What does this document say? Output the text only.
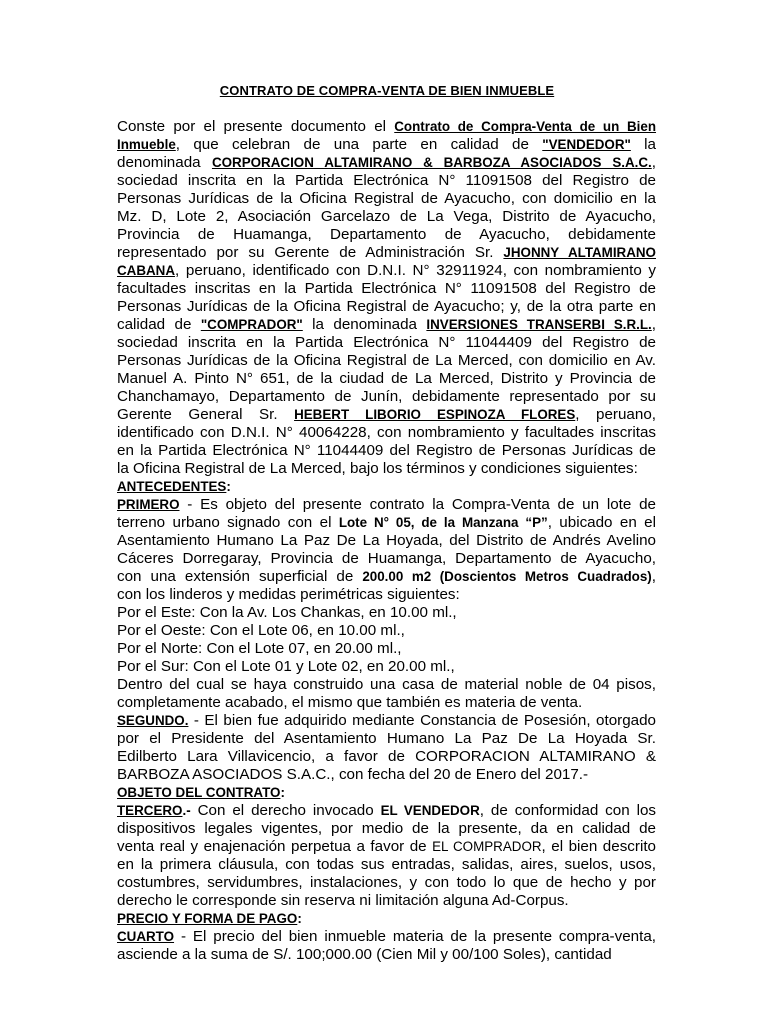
CONTRATO DE COMPRA-VENTA DE BIEN INMUEBLE
Conste por el presente documento el Contrato de Compra-Venta de un Bien
Inmueble, que celebran de una parte en calidad de "VENDEDOR" la
denominada CORPORACION ALTAMIRANO & BARBOZA ASOCIADOS S.A.C.,
sociedad inscrita en la Partida Electrónica N° 11091508 del Registro de
Personas Jurídicas de la Oficina Registral de Ayacucho, con domicilio en la
Mz. D, Lote 2, Asociación Garcelazo de La Vega, Distrito de Ayacucho,
Provincia de Huamanga, Departamento de Ayacucho, debidamente
representado por su Gerente de Administración Sr. JHONNY ALTAMIRANO
CABANA, peruano, identificado con D.N.I. N° 32911924, con nombramiento y
facultades inscritas en la Partida Electrónica N° 11091508 del Registro de
Personas Jurídicas de la Oficina Registral de Ayacucho; y, de la otra parte en
calidad de "COMPRADOR" la denominada INVERSIONES TRANSERBI S.R.L.,
sociedad inscrita en la Partida Electrónica N° 11044409 del Registro de
Personas Jurídicas de la Oficina Registral de La Merced, con domicilio en Av.
Manuel A. Pinto N° 651, de la ciudad de La Merced, Distrito y Provincia de
Chanchamayo, Departamento de Junín, debidamente representado por su
Gerente General Sr. HEBERT LIBORIO ESPINOZA FLORES, peruano,
identificado con D.N.I. N° 40064228, con nombramiento y facultades inscritas
en la Partida Electrónica N° 11044409 del Registro de Personas Jurídicas de
la Oficina Registral de La Merced, bajo los términos y condiciones siguientes:
ANTECEDENTES:
PRIMERO - Es objeto del presente contrato la Compra-Venta de un lote de
terreno urbano signado con el Lote N° 05, de la Manzana “P”, ubicado en el
Asentamiento Humano La Paz De La Hoyada, del Distrito de Andrés Avelino
Cáceres Dorregaray, Provincia de Huamanga, Departamento de Ayacucho,
con una extensión superficial de 200.00 m2 (Doscientos Metros Cuadrados),
con los linderos y medidas perimétricas siguientes:
Por el Este: Con la Av. Los Chankas, en 10.00 ml.,
Por el Oeste: Con el Lote 06, en 10.00 ml.,
Por el Norte: Con el Lote 07, en 20.00 ml.,
Por el Sur: Con el Lote 01 y Lote 02, en 20.00 ml.,
Dentro del cual se haya construido una casa de material noble de 04 pisos,
completamente acabado, el mismo que también es materia de venta.
SEGUNDO. - El bien fue adquirido mediante Constancia de Posesión, otorgado
por el Presidente del Asentamiento Humano La Paz De La Hoyada Sr.
Edilberto Lara Villavicencio, a favor de CORPORACION ALTAMIRANO &
BARBOZA ASOCIADOS S.A.C., con fecha del 20 de Enero del 2017.-
OBJETO DEL CONTRATO:
TERCERO.- Con el derecho invocado EL VENDEDOR, de conformidad con los
dispositivos legales vigentes, por medio de la presente, da en calidad de
venta real y enajenación perpetua a favor de EL COMPRADOR, el bien descrito
en la primera cláusula, con todas sus entradas, salidas, aires, suelos, usos,
costumbres, servidumbres, instalaciones, y con todo lo que de hecho y por
derecho le corresponde sin reserva ni limitación alguna Ad-Corpus.
PRECIO Y FORMA DE PAGO:
CUARTO - El precio del bien inmueble materia de la presente compra-venta,
asciende a la suma de S/. 100;000.00 (Cien Mil y 00/100 Soles), cantidad
